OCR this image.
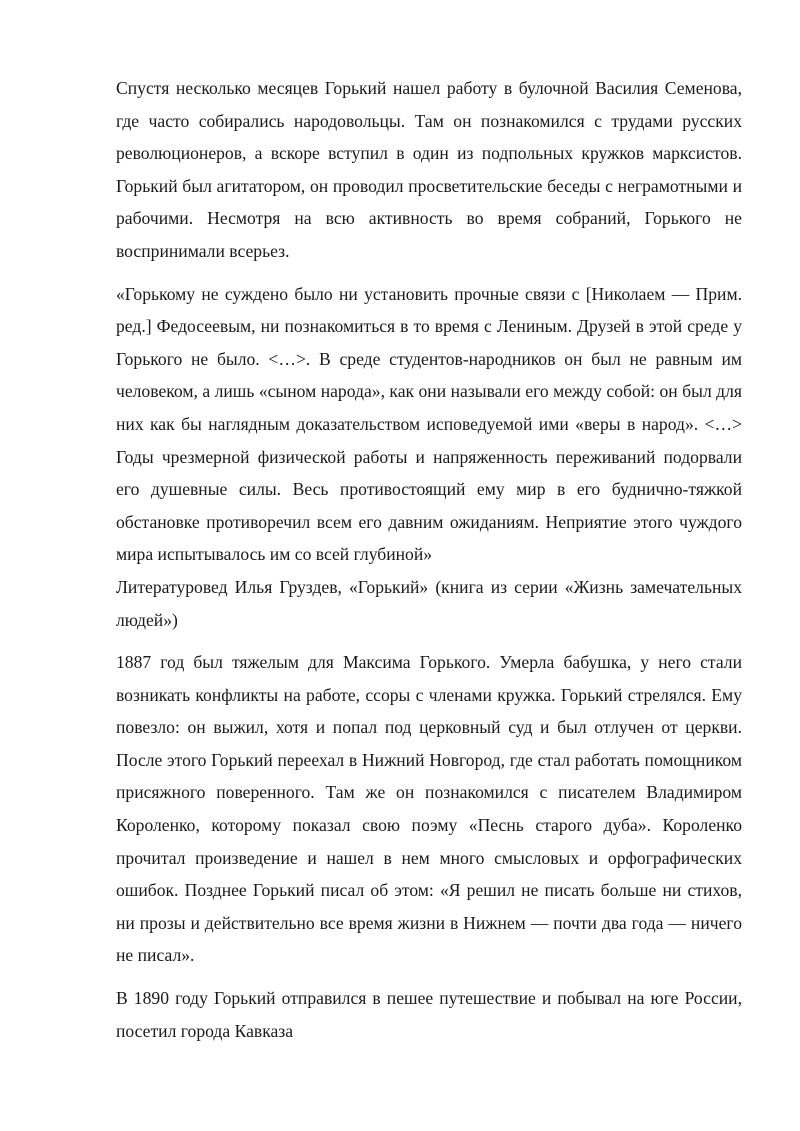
Спустя несколько месяцев Горький нашел работу в булочной Василия Семенова, где часто собирались народовольцы. Там он познакомился с трудами русских революционеров, а вскоре вступил в один из подпольных кружков марксистов. Горький был агитатором, он проводил просветительские беседы с неграмотными и рабочими. Несмотря на всю активность во время собраний, Горького не воспринимали всерьез.

«Горькому не суждено было ни установить прочные связи с [Николаем — Прим. ред.] Федосеевым, ни познакомиться в то время с Лениным. Друзей в этой среде у Горького не было. <…>. В среде студентов-народников он был не равным им человеком, а лишь «сыном народа», как они называли его между собой: он был для них как бы наглядным доказательством исповедуемой ими «веры в народ». <…> Годы чрезмерной физической работы и напряженность переживаний подорвали его душевные силы. Весь противостоящий ему мир в его буднично-тяжкой обстановке противоречил всем его давним ожиданиям. Неприятие этого чуждого мира испытывалось им со всей глубиной»

Литературовед Илья Груздев, «Горький» (книга из серии «Жизнь замечательных людей»)

1887 год был тяжелым для Максима Горького. Умерла бабушка, у него стали возникать конфликты на работе, ссоры с членами кружка. Горький стрелялся. Ему повезло: он выжил, хотя и попал под церковный суд и был отлучен от церкви. После этого Горький переехал в Нижний Новгород, где стал работать помощником присяжного поверенного. Там же он познакомился с писателем Владимиром Короленко, которому показал свою поэму «Песнь старого дуба». Короленко прочитал произведение и нашел в нем много смысловых и орфографических ошибок. Позднее Горький писал об этом: «Я решил не писать больше ни стихов, ни прозы и действительно все время жизни в Нижнем — почти два года — ничего не писал».

В 1890 году Горький отправился в пешее путешествие и побывал на юге России, посетил города Кавказа
